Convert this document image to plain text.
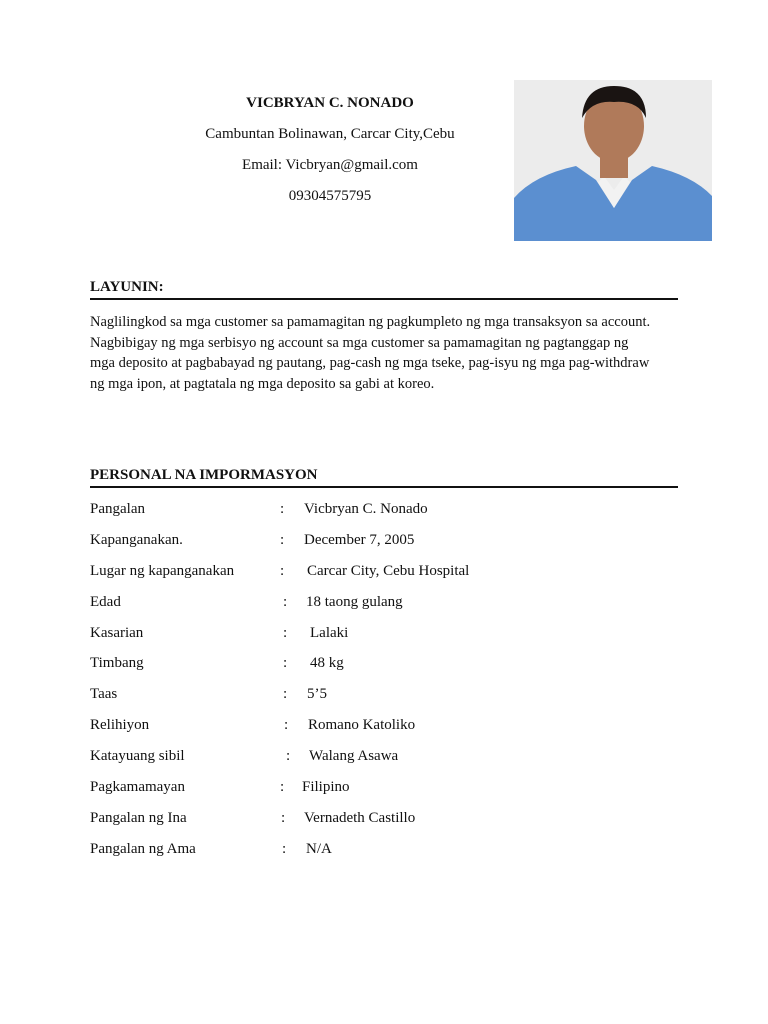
VICBRYAN C. NONADO
Cambuntan Bolinawan, Carcar City,Cebu
Email: Vicbryan@gmail.com
09304575795
LAYUNIN:
Naglilingkod sa mga customer sa pamamagitan ng pagkumpleto ng mga transaksyon sa account.
Nagbibigay ng mga serbisyo ng account sa mga customer sa pamamagitan ng pagtanggap ng
mga deposito at pagbabayad ng pautang, pag-cash ng mga tseke, pag-isyu ng mga pag-withdraw
ng mga ipon, at pagtatala ng mga deposito sa gabi at koreo.
PERSONAL NA IMPORMASYON
Pangalan	: Vicbryan C. Nonado
Kapanganakan.	: December 7, 2005
Lugar ng kapanganakan	: Carcar City, Cebu Hospital
Edad	: 18 taong gulang
Kasarian	: Lalaki
Timbang	: 48 kg
Taas	: 5’5
Relihiyon	: Romano Katoliko
Katayuang sibil	: Walang Asawa
Pagkamamayan	: Filipino
Pangalan ng Ina	: Vernadeth Castillo
Pangalan ng Ama	: N/A
